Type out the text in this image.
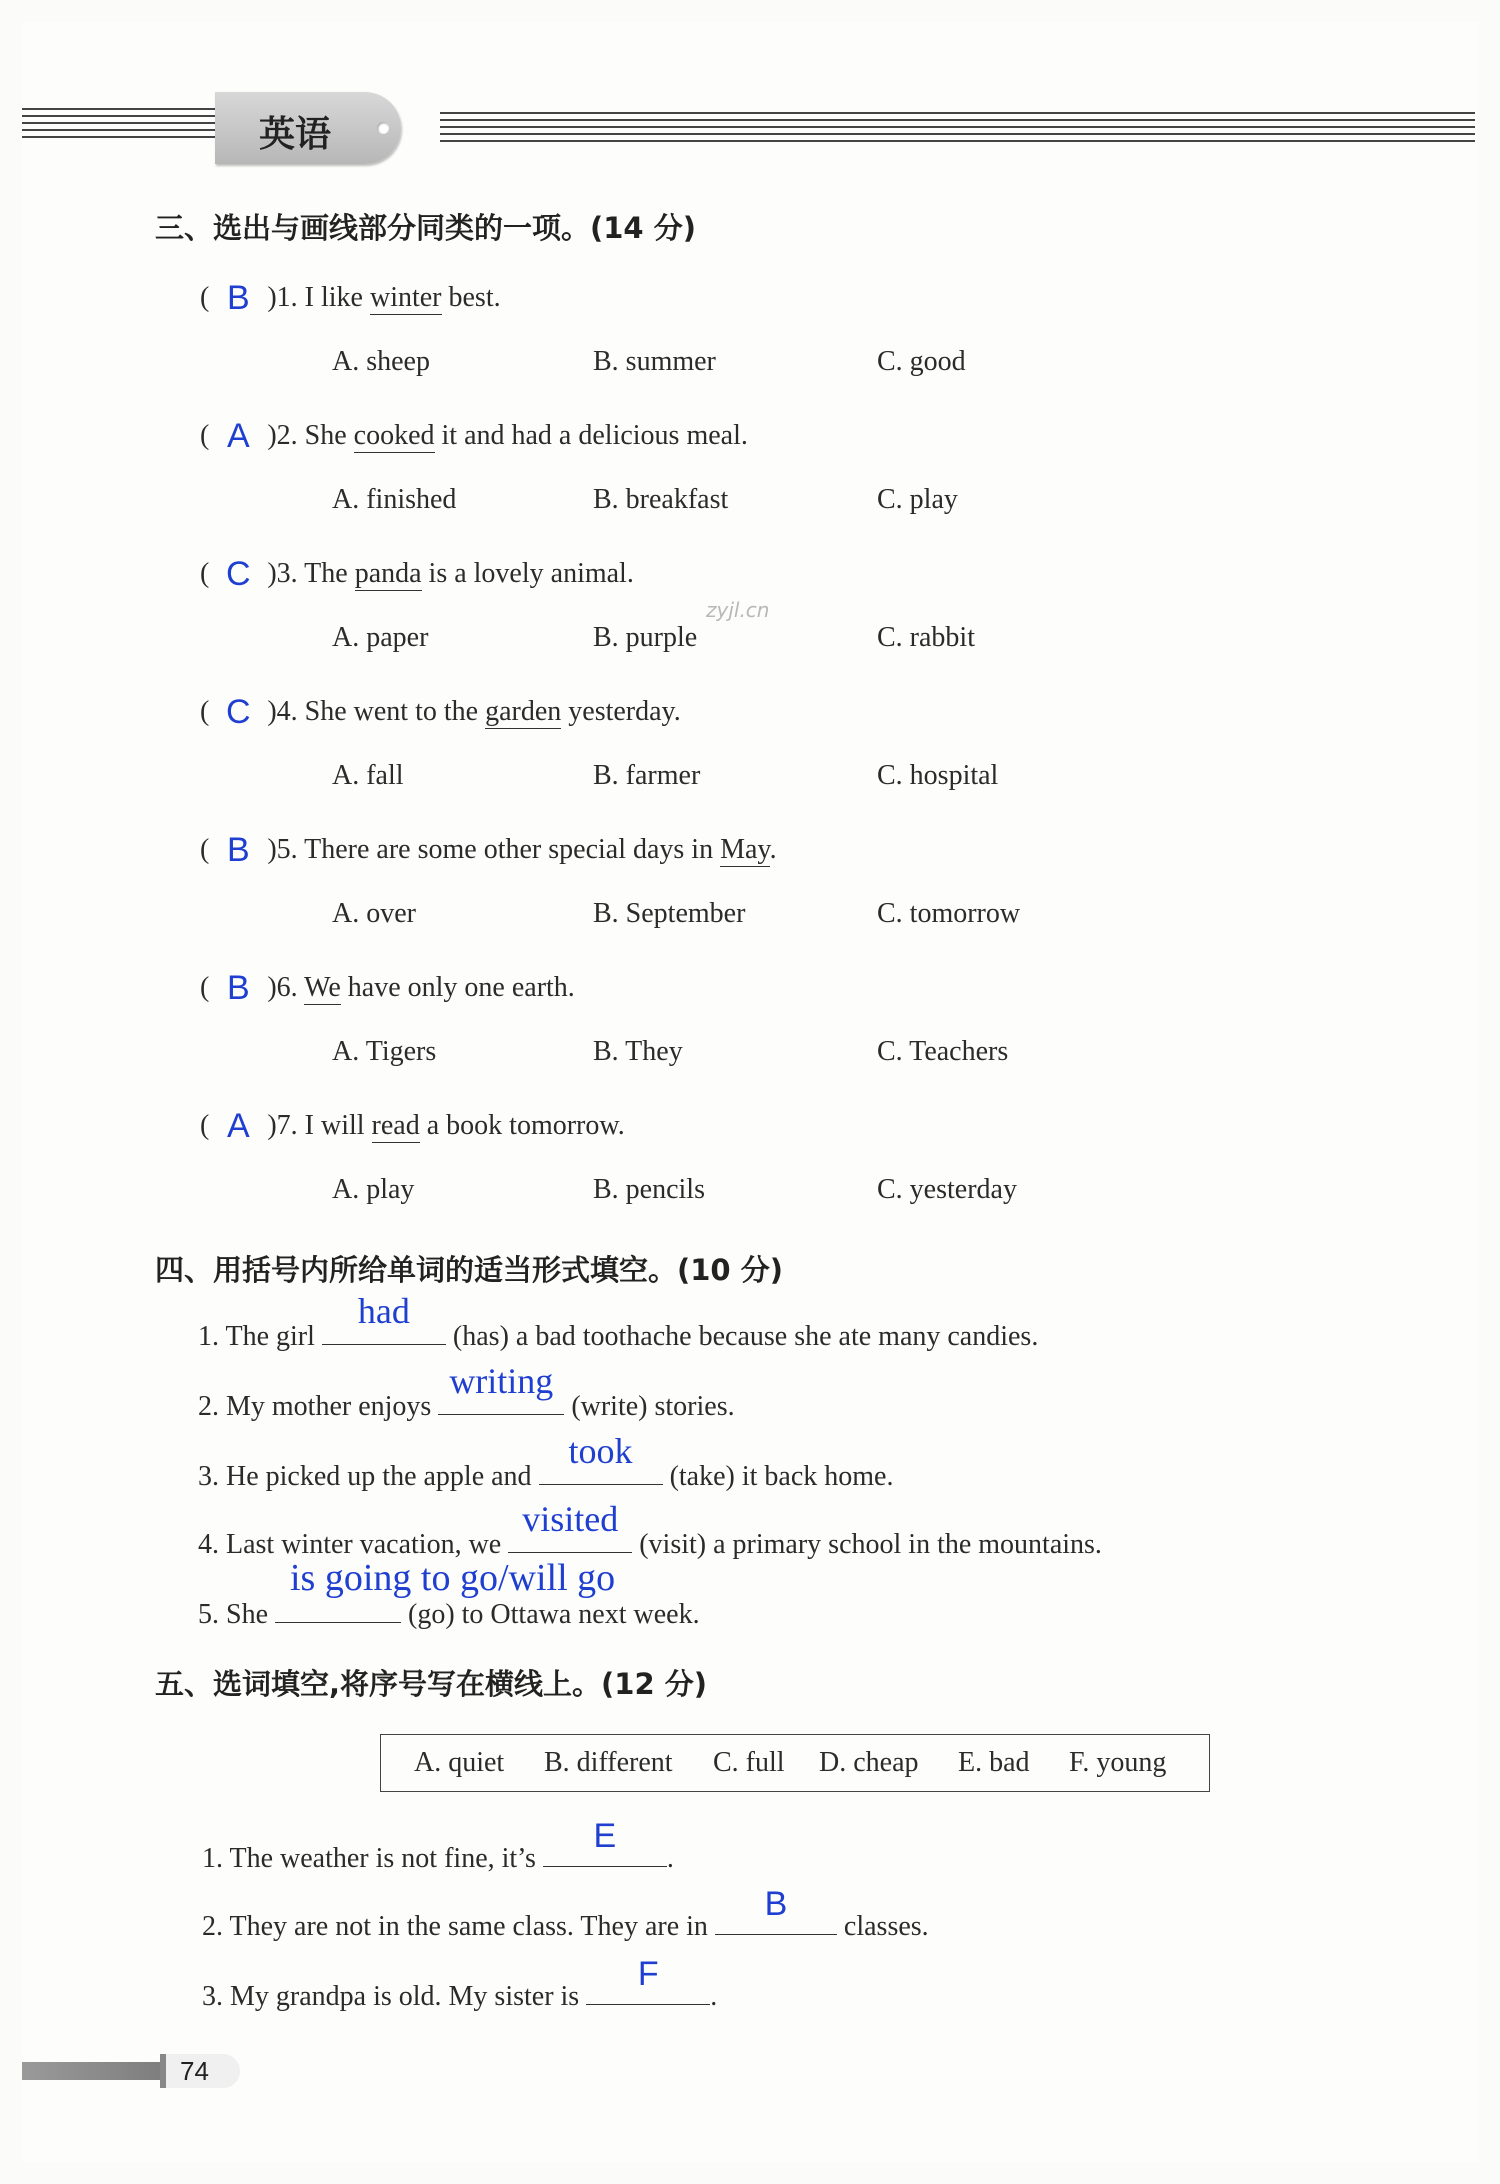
英语
三、选出与画线部分同类的一项。(14 分)
( B )1. I like winter best.
A. sheep	B. summer	C. good
( A )2. She cooked it and had a delicious meal.
A. finished	B. breakfast	C. play
( C )3. The panda is a lovely animal.
A. paper	B. purple	C. rabbit
( C )4. She went to the garden yesterday.
A. fall	B. farmer	C. hospital
( B )5. There are some other special days in May.
A. over	B. September	C. tomorrow
( B )6. We have only one earth.
A. Tigers	B. They	C. Teachers
( A )7. I will read a book tomorrow.
A. play	B. pencils	C. yesterday
zyjl.cn
四、用括号内所给单词的适当形式填空。(10 分)
1. The girl
had
(has) a bad toothache because she ate many candies.
2. My mother enjoys
writing
(write) stories.
3. He picked up the apple and
took
(take) it back home.
4. Last winter vacation, we
visited
(visit) a primary school in the mountains.
5. She	(go) to Ottawa next week.
is going to go/will go
五、选词填空,将序号写在横线上。(12 分)
A. quiet B. different C. full D. cheap E. bad F. young
1. The weather is not fine, it’s
E
.
2. They are not in the same class. They are in
B
classes.
3. My grandpa is old. My sister is
F
.
74
